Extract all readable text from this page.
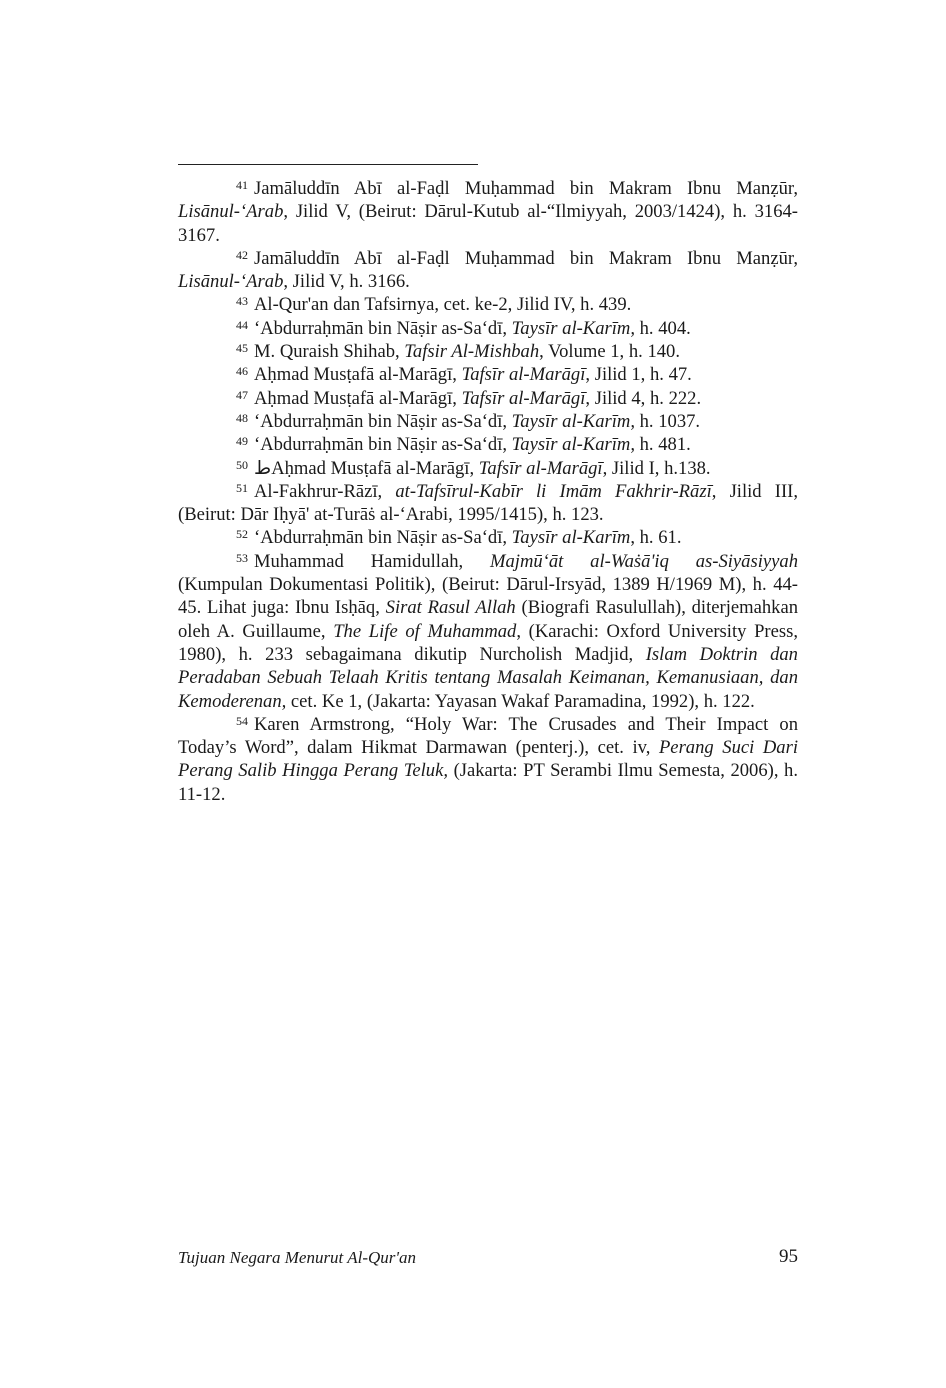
$^{41}$ Jamāluddīn Abī al-Faḍl Muḥammad bin Makram Ibnu Manẓūr, Lisānul-‘Arab, Jilid V, (Beirut: Dārul-Kutub al-“Ilmiyyah, 2003/1424), h. 3164-3167.

$^{42}$ Jamāluddīn Abī al-Faḍl Muḥammad bin Makram Ibnu Manẓūr, Lisānul-‘Arab, Jilid V, h. 3166.

$^{43}$ Al-Qur'an dan Tafsirnya, cet. ke-2, Jilid IV, h. 439.

$^{44}$ ‘Abdurraḥmān bin Nāṣir as-Sa‘dī, Taysīr al-Karīm, h. 404.

$^{45}$ M. Quraish Shihab, Tafsir Al-Mishbah, Volume 1, h. 140.

$^{46}$ Aḥmad Musṭafā al-Marāgī, Tafsīr al-Marāgī, Jilid 1, h. 47.

$^{47}$ Aḥmad Musṭafā al-Marāgī, Tafsīr al-Marāgī, Jilid 4, h. 222.

$^{48}$ ‘Abdurraḥmān bin Nāṣir as-Sa‘dī, Taysīr al-Karīm, h. 1037.

$^{49}$ ‘Abdurraḥmān bin Nāṣir as-Sa‘dī, Taysīr al-Karīm, h. 481.

$^{50}$ طAḥmad Musṭafā al-Marāgī, Tafsīr al-Marāgī, Jilid I, h.138.

$^{51}$ Al-Fakhrur-Rāzī, at-Tafsīrul-Kabīr li Imām Fakhrir-Rāzī, Jilid III, (Beirut: Dār Iḥyā' at-Turāṡ al-‘Arabi, 1995/1415), h. 123.

$^{52}$ ‘Abdurraḥmān bin Nāṣir as-Sa‘dī, Taysīr al-Karīm, h. 61.

$^{53}$ Muhammad Hamidullah, Majmū‘āt al-Waṡā'iq as-Siyāsiyyah (Kumpulan Dokumentasi Politik), (Beirut: Dārul-Irsyād, 1389 H/1969 M), h. 44-45. Lihat juga: Ibnu Isḥāq, Sirat Rasul Allah (Biografi Rasulullah), diterjemahkan oleh A. Guillaume, The Life of Muhammad, (Karachi: Oxford University Press, 1980), h. 233 sebagaimana dikutip Nurcholish Madjid, Islam Doktrin dan Peradaban Sebuah Telaah Kritis tentang Masalah Keimanan, Kemanusiaan, dan Kemoderenan, cet. Ke 1, (Jakarta: Yayasan Wakaf Paramadina, 1992), h. 122.

$^{54}$ Karen Armstrong, “Holy War: The Crusades and Their Impact on Today’s Word”, dalam Hikmat Darmawan (penterj.), cet. iv, Perang Suci Dari Perang Salib Hingga Perang Teluk, (Jakarta: PT Serambi Ilmu Semesta, 2006), h. 11-12.

Tujuan Negara Menurut Al-Qur'an	95
